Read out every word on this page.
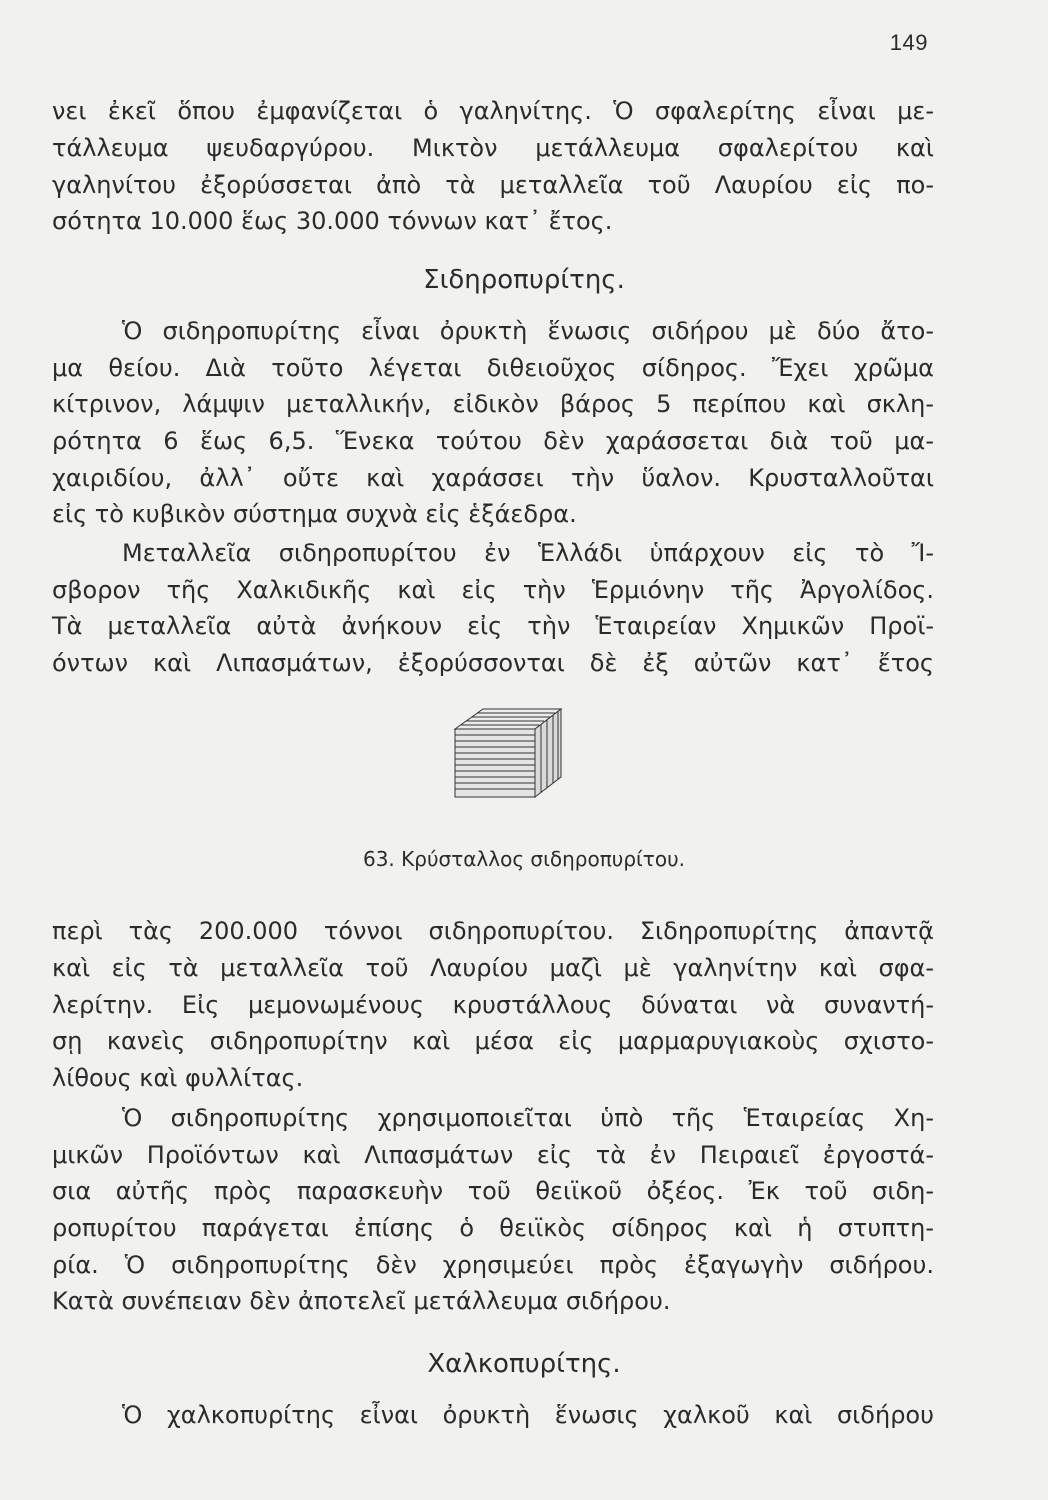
149
νει ἐκεῖ ὅπου ἐμφανίζεται ὁ γαληνίτης. Ὁ σφαλερίτης εἶναι με-
τάλλευμα ψευδαργύρου. Μικτὸν μετάλλευμα σφαλερίτου καὶ
γαληνίτου ἐξορύσσεται ἀπὸ τὰ μεταλλεῖα τοῦ Λαυρίου εἰς πο-
σότητα 10.000 ἕως 30.000 τόννων κατ᾽ ἔτος.
Σιδηροπυρίτης.
Ὁ σιδηροπυρίτης εἶναι ὀρυκτὴ ἕνωσις σιδήρου μὲ δύο ἄτο-
μα θείου. Διὰ τοῦτο λέγεται διθειοῦχος σίδηρος. Ἔχει χρῶμα
κίτρινον, λάμψιν μεταλλικήν, εἰδικὸν βάρος 5 περίπου καὶ σκλη-
ρότητα 6 ἕως 6,5. Ἕνεκα τούτου δὲν χαράσσεται διὰ τοῦ μα-
χαιριδίου, ἀλλ᾽ οὔτε καὶ χαράσσει τὴν ὕαλον. Κρυσταλλοῦται
εἰς τὸ κυβικὸν σύστημα συχνὰ εἰς ἑξάεδρα.
Μεταλλεῖα σιδηροπυρίτου ἐν Ἑλλάδι ὑπάρχουν εἰς τὸ Ἴ-
σβορον τῆς Χαλκιδικῆς καὶ εἰς τὴν Ἑρμιόνην τῆς Ἀργολίδος.
Τὰ μεταλλεῖα αὐτὰ ἀνήκουν εἰς τὴν Ἑταιρείαν Χημικῶν Προϊ-
όντων καὶ Λιπασμάτων, ἐξορύσσονται δὲ ἐξ αὐτῶν κατ᾽ ἔτος
63. Κρύσταλλος σιδηροπυρίτου.
περὶ τὰς 200.000 τόννοι σιδηροπυρίτου. Σιδηροπυρίτης ἀπαντᾷ
καὶ εἰς τὰ μεταλλεῖα τοῦ Λαυρίου μαζὶ μὲ γαληνίτην καὶ σφα-
λερίτην. Εἰς μεμονωμένους κρυστάλλους δύναται νὰ συναντή-
σῃ κανεὶς σιδηροπυρίτην καὶ μέσα εἰς μαρμαρυγιακοὺς σχιστο-
λίθους καὶ φυλλίτας.
Ὁ σιδηροπυρίτης χρησιμοποιεῖται ὑπὸ τῆς Ἑταιρείας Χη-
μικῶν Προϊόντων καὶ Λιπασμάτων εἰς τὰ ἐν Πειραιεῖ ἐργοστά-
σια αὐτῆς πρὸς παρασκευὴν τοῦ θειϊκοῦ ὀξέος. Ἐκ τοῦ σιδη-
ροπυρίτου παράγεται ἐπίσης ὁ θειϊκὸς σίδηρος καὶ ἡ στυπτη-
ρία. Ὁ σιδηροπυρίτης δὲν χρησιμεύει πρὸς ἐξαγωγὴν σιδήρου.
Κατὰ συνέπειαν δὲν ἀποτελεῖ μετάλλευμα σιδήρου.
Χαλκοπυρίτης.
Ὁ χαλκοπυρίτης εἶναι ὀρυκτὴ ἕνωσις χαλκοῦ καὶ σιδήρου
